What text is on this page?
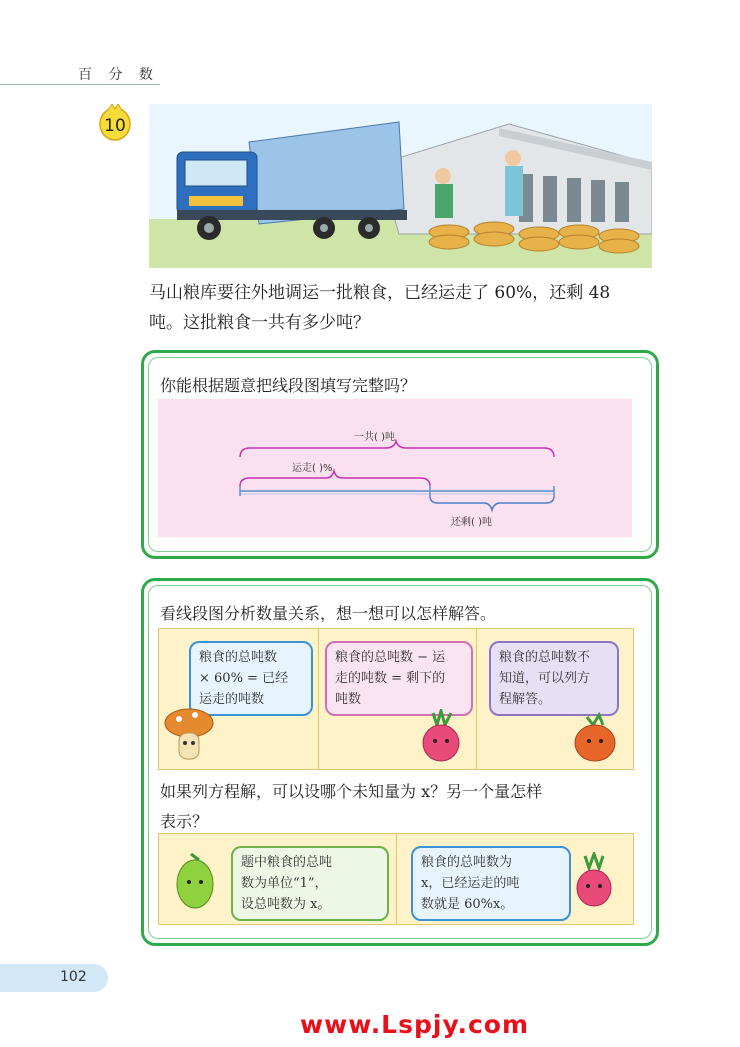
百 分 数
10
马山粮库要往外地调运一批粮食，已经运走了 60%，还剩 48
吨。这批粮食一共有多少吨？
你能根据题意把线段图填写完整吗？
一共( )吨
运走( )%
还剩( )吨
看线段图分析数量关系，想一想可以怎样解答。
粮食的总吨数
× 60% = 已经
运走的吨数
粮食的总吨数 − 运
走的吨数 = 剩下的
吨数
粮食的总吨数不
知道，可以列方
程解答。
如果列方程解，可以设哪个未知量为 x？另一个量怎样
表示？
题中粮食的总吨
数为单位“1”，
设总吨数为 x。
粮食的总吨数为
x，已经运走的吨
数就是 60%x。
102
www.Lspjy.com
